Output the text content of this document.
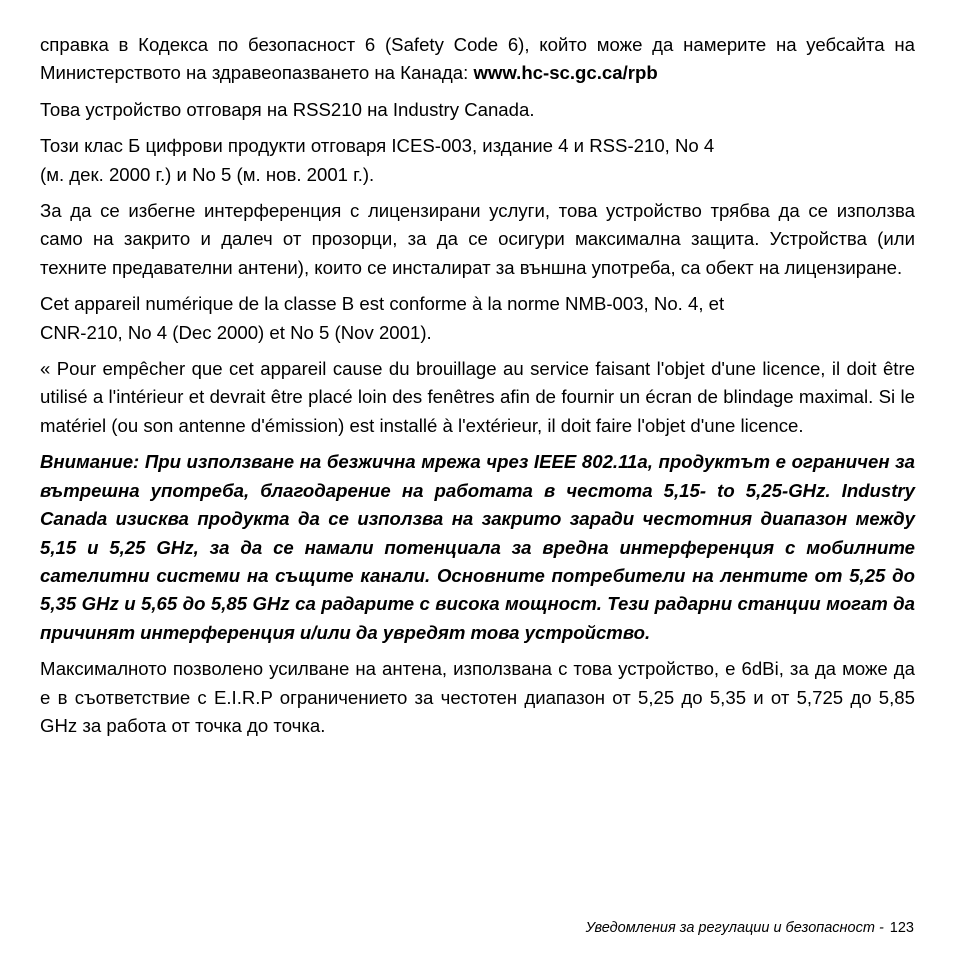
справка в Кодекса по безопасност 6 (Safety Code 6), който може да намерите на уебсайта на Министерството на здравеопазването на Канада: www.hc-sc.gc.ca/rpb

Това устройство отговаря на RSS210 на Industry Canada.

Този клас Б цифрови продукти отговаря ICES-003, издание 4 и RSS-210, No 4
(м. дек. 2000 г.) и No 5 (м. нов. 2001 г.).

За да се избегне интерференция с лицензирани услуги, това устройство трябва да се използва само на закрито и далеч от прозорци, за да се осигури максимална защита. Устройства (или техните предавателни антени), които се инсталират за външна употреба, са обект на лицензиране.

Cet appareil numérique de la classe B est conforme à la norme NMB-003, No. 4, et
CNR-210, No 4 (Dec 2000) et No 5 (Nov 2001).

« Pour empêcher que cet appareil cause du brouillage au service faisant l'objet d'une licence, il doit être utilisé a l'intérieur et devrait être placé loin des fenêtres afin de fournir un écran de blindage maximal. Si le matériel (ou son antenne d'émission) est installé à l'extérieur, il doit faire l'objet d'une licence.

Внимание: При използване на безжична мрежа чрез IEEE 802.11a, продуктът е ограничен за вътрешна употреба, благодарение на работата в честота 5,15- to 5,25-GHz. Industry Canada изисква продукта да се използва на закрито заради честотния диапазон между 5,15 и 5,25 GHz, за да се намали потенциала за вредна интерференция с мобилните сателитни системи на същите канали. Основните потребители на лентите от 5,25 до 5,35 GHz и 5,65 до 5,85 GHz са радарите с висока мощност. Тези радарни станции могат да причинят интерференция и/или да увредят това устройство.

Максималното позволено усилване на антена, използвана с това устройство, е 6dBi, за да може да е в съответствие с E.I.R.P ограничението за честотен диапазон от 5,25 до 5,35 и от 5,725 до 5,85 GHz за работа от точка до точка.

Уведомления за регулации и безопасност - 123
